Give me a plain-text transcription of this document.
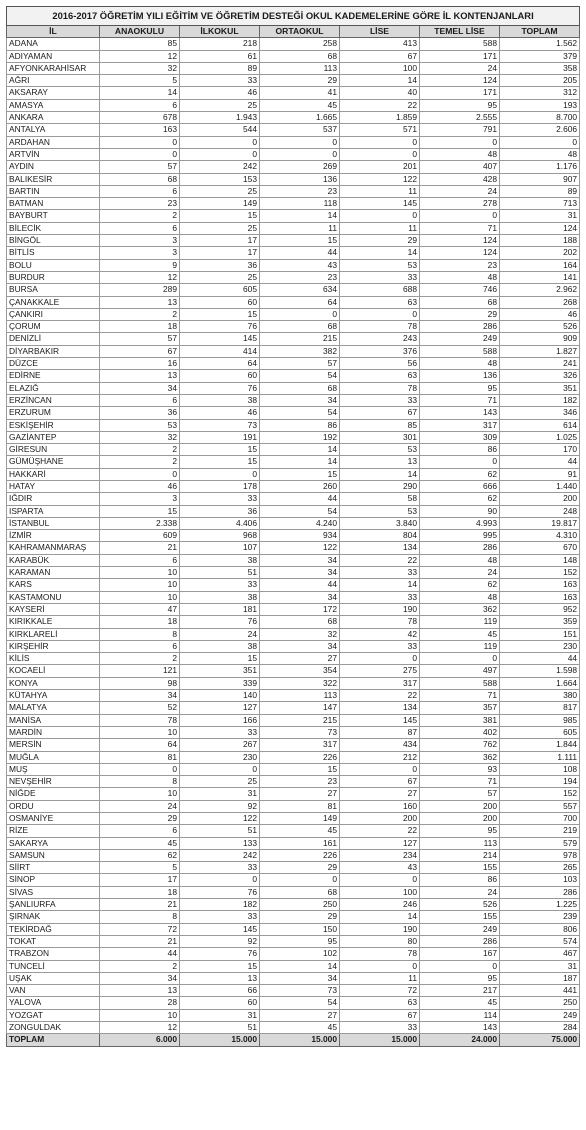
2016-2017 ÖĞRETİM YILI EĞİTİM VE ÖĞRETİM DESTEĞİ OKUL KADEMELERİNE GÖRE İL KONTENJANLARI						
İL	ANAOKULU	İLKOKUL	ORTAOKUL	LİSE	TEMEL LİSE	TOPLAM
ADANA	85	218	258	413	588	1.562
ADIYAMAN	12	61	68	67	171	379
AFYONKARAHİSAR	32	89	113	100	24	358
AĞRI	5	33	29	14	124	205
AKSARAY	14	46	41	40	171	312
AMASYA	6	25	45	22	95	193
ANKARA	678	1.943	1.665	1.859	2.555	8.700
ANTALYA	163	544	537	571	791	2.606
ARDAHAN	0	0	0	0	0	0
ARTVİN	0	0	0	0	48	48
AYDIN	57	242	269	201	407	1.176
BALIKESİR	68	153	136	122	428	907
BARTIN	6	25	23	11	24	89
BATMAN	23	149	118	145	278	713
BAYBURT	2	15	14	0	0	31
BİLECİK	6	25	11	11	71	124
BİNGÖL	3	17	15	29	124	188
BİTLİS	3	17	44	14	124	202
BOLU	9	36	43	53	23	164
BURDUR	12	25	23	33	48	141
BURSA	289	605	634	688	746	2.962
ÇANAKKALE	13	60	64	63	68	268
ÇANKIRI	2	15	0	0	29	46
ÇORUM	18	76	68	78	286	526
DENİZLİ	57	145	215	243	249	909
DİYARBAKIR	67	414	382	376	588	1.827
DÜZCE	16	64	57	56	48	241
EDİRNE	13	60	54	63	136	326
ELAZIĞ	34	76	68	78	95	351
ERZİNCAN	6	38	34	33	71	182
ERZURUM	36	46	54	67	143	346
ESKİŞEHİR	53	73	86	85	317	614
GAZİANTEP	32	191	192	301	309	1.025
GİRESUN	2	15	14	53	86	170
GÜMÜŞHANE	2	15	14	13	0	44
HAKKARİ	0	0	15	14	62	91
HATAY	46	178	260	290	666	1.440
IĞDIR	3	33	44	58	62	200
ISPARTA	15	36	54	53	90	248
İSTANBUL	2.338	4.406	4.240	3.840	4.993	19.817
İZMİR	609	968	934	804	995	4.310
KAHRAMANMARAŞ	21	107	122	134	286	670
KARABÜK	6	38	34	22	48	148
KARAMAN	10	51	34	33	24	152
KARS	10	33	44	14	62	163
KASTAMONU	10	38	34	33	48	163
KAYSERİ	47	181	172	190	362	952
KIRIKKALE	18	76	68	78	119	359
KIRKLARELİ	8	24	32	42	45	151
KIRŞEHİR	6	38	34	33	119	230
KİLİS	2	15	27	0	0	44
KOCAELİ	121	351	354	275	497	1.598
KONYA	98	339	322	317	588	1.664
KÜTAHYA	34	140	113	22	71	380
MALATYA	52	127	147	134	357	817
MANİSA	78	166	215	145	381	985
MARDİN	10	33	73	87	402	605
MERSİN	64	267	317	434	762	1.844
MUĞLA	81	230	226	212	362	1.111
MUŞ	0	0	15	0	93	108
NEVŞEHİR	8	25	23	67	71	194
NİĞDE	10	31	27	27	57	152
ORDU	24	92	81	160	200	557
OSMANİYE	29	122	149	200	200	700
RİZE	6	51	45	22	95	219
SAKARYA	45	133	161	127	113	579
SAMSUN	62	242	226	234	214	978
SİİRT	5	33	29	43	155	265
SİNOP	17	0	0	0	86	103
SİVAS	18	76	68	100	24	286
ŞANLIURFA	21	182	250	246	526	1.225
ŞIRNAK	8	33	29	14	155	239
TEKİRDAĞ	72	145	150	190	249	806
TOKAT	21	92	95	80	286	574
TRABZON	44	76	102	78	167	467
TUNCELİ	2	15	14	0	0	31
UŞAK	34	13	34	11	95	187
VAN	13	66	73	72	217	441
YALOVA	28	60	54	63	45	250
YOZGAT	10	31	27	67	114	249
ZONGULDAK	12	51	45	33	143	284
TOPLAM	6.000	15.000	15.000	15.000	24.000	75.000
